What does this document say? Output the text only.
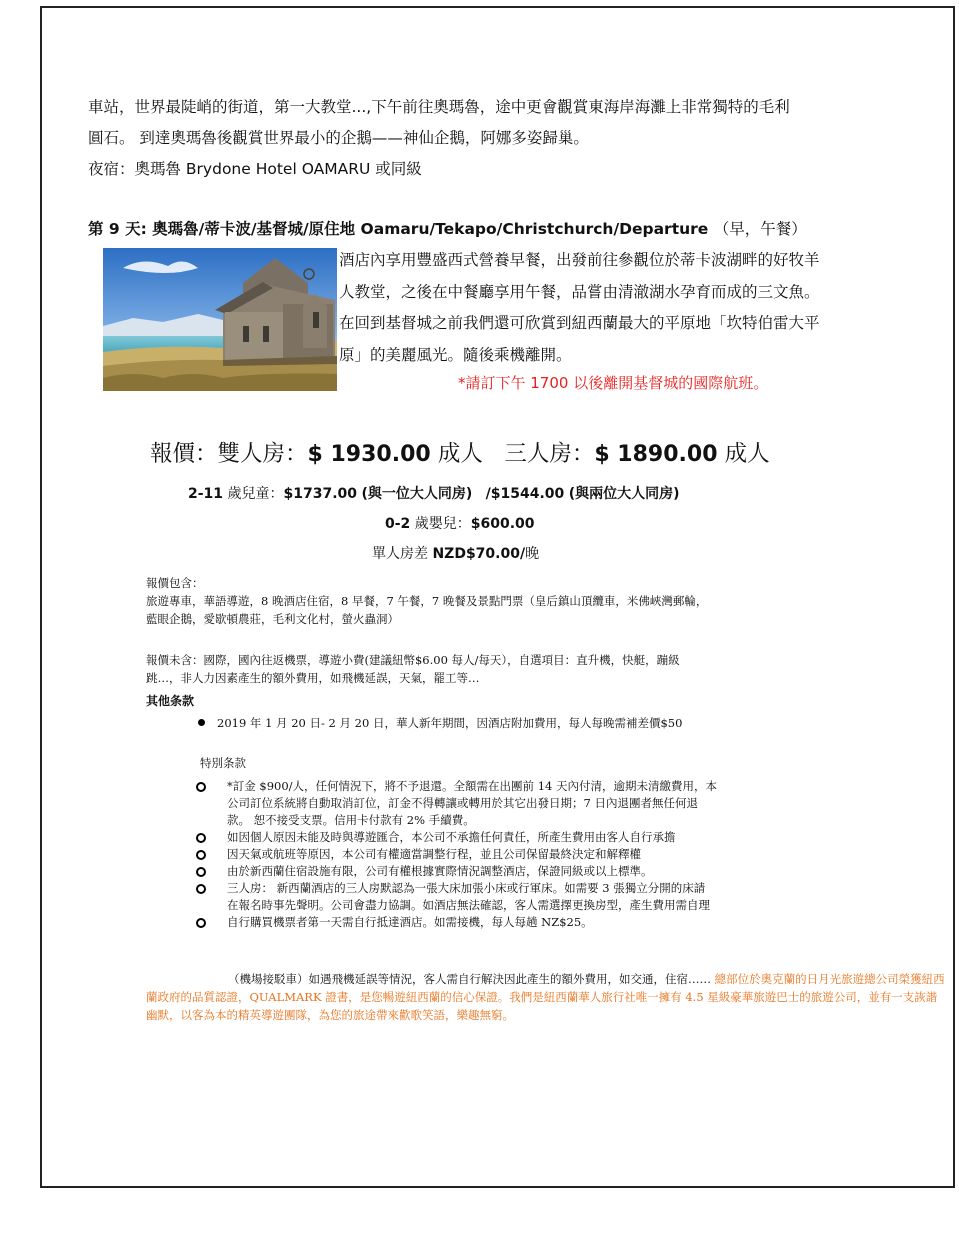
車站，世界最陡峭的街道，第一大教堂...,下午前往奧瑪魯，途中更會觀賞東海岸海灘上非常獨特的毛利
圓石。 到達奧瑪魯後觀賞世界最小的企鵝——神仙企鵝，阿娜多姿歸巢。
夜宿：奧瑪魯 Brydone Hotel OAMARU 或同級
第 9 天: 奧瑪魯/蒂卡波/基督城/原住地 Oamaru/Tekapo/Christchurch/Departure （早，午餐）
酒店內享用豐盛西式營養早餐，出發前往參觀位於蒂卡波湖畔的好牧羊
人教堂，之後在中餐廳享用午餐，品嘗由清澈湖水孕育而成的三文魚。
在回到基督城之前我們還可欣賞到紐西蘭最大的平原地「坎特伯雷大平
原」的美麗風光。隨後乘機離開。
*請訂下午 1700 以後離開基督城的國際航班。
報價：雙人房：$ 1930.00 成人 三人房：$ 1890.00 成人
2-11 歲兒童：$1737.00 (與一位大人同房) /$1544.00 (與兩位大人同房)
0-2 歲嬰兒：$600.00
單人房差 NZD$70.00/晚
報價包含：
旅遊專車，華語導遊，8 晚酒店住宿，8 早餐，7 午餐，7 晚餐及景點門票（皇后鎮山頂纜車，米佛峽灣郵輪，
藍眼企鵝，愛歇頓農莊，毛利文化村，螢火蟲洞）
報價未含：國際，國內往返機票，導遊小費(建議紐幣$6.00 每人/每天），自選項目：直升機，快艇，蹦級
跳…，非人力因素產生的額外費用，如飛機延誤，天氣，罷工等…
其他条款
2019 年 1 月 20 日- 2 月 20 日，華人新年期間，因酒店附加費用，每人每晚需補差價$50
特別条款
*訂金 $900/人，任何情況下，將不予退還。全額需在出團前 14 天內付清，逾期未清繳費用，本
公司訂位系統將自動取消訂位，訂金不得轉讓或轉用於其它出發日期；7 日內退團者無任何退
款。 恕不接受支票。信用卡付款有 2% 手續費。
如因個人原因未能及時與導遊匯合，本公司不承擔任何責任，所產生費用由客人自行承擔
因天氣或航班等原因，本公司有權適當調整行程，並且公司保留最終決定和解釋權
由於新西蘭住宿設施有限，公司有權根據實際情況調整酒店，保證同級或以上標準。
三人房： 新西蘭酒店的三人房默認為一張大床加張小床或行軍床。如需要 3 張獨立分開的床請
在報名時事先聲明。公司會盡力協調。如酒店無法確認，客人需選擇更換房型，產生費用需自理
自行購買機票者第一天需自行抵達酒店。如需接機，每人每趟 NZ$25。
（機場接駁車）如遇飛機延誤等情況，客人需自行解決因此產生的額外費用，如交通，住宿…… 總部位於奧克蘭的日月光旅遊總公司榮獲紐西蘭政府的品質認證，QUALMARK 證書，是您暢遊紐西蘭的信心保證。我們是紐西蘭華人旅行社唯一擁有 4.5 星級豪華旅遊巴士的旅遊公司，並有一支詼諧幽默，以客為本的精英導遊團隊，為您的旅途帶來歡歌笑語，樂趣無窮。
